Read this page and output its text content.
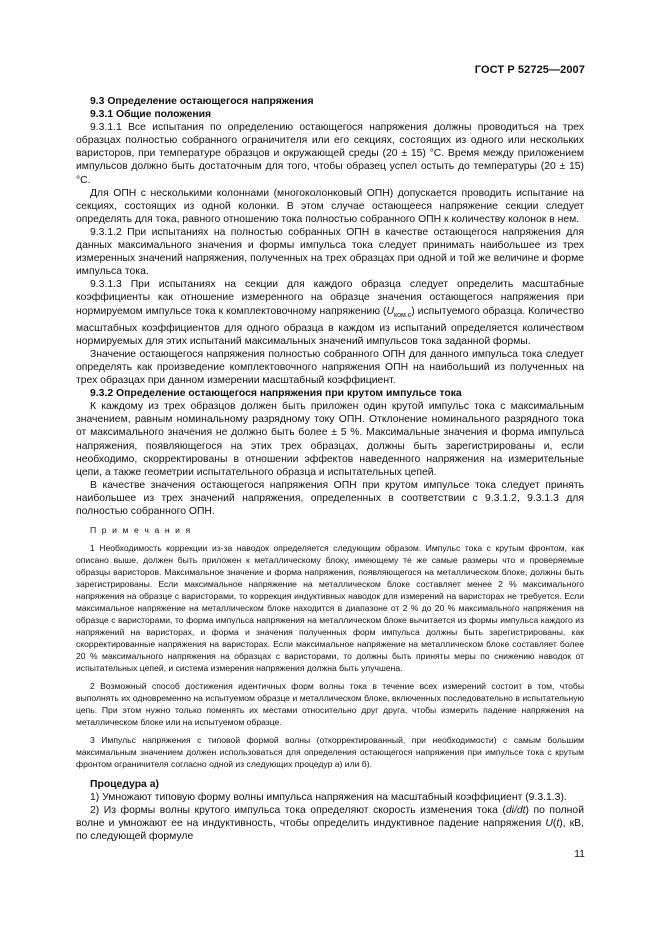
ГОСТ Р 52725—2007

9.3 Определение остающегося напряжения

9.3.1 Общие положения

9.3.1.1 Все испытания по определению остающегося напряжения должны проводиться на трех образцах полностью собранного ограничителя или его секциях, состоящих из одного или нескольких варисторов, при температуре образцов и окружающей среды (20 ± 15) °С. Время между приложением импульсов должно быть достаточным для того, чтобы образец успел остыть до температуры (20 ± 15) °С.

Для ОПН с несколькими колоннами (многоколонковый ОПН) допускается проводить испытание на секциях, состоящих из одной колонки. В этом случае остающееся напряжение секции следует определять для тока, равного отношению тока полностью собранного ОПН к количеству колонок в нем.

9.3.1.2 При испытаниях на полностью собранных ОПН в качестве остающегося напряжения для данных максимального значения и формы импульса тока следует принимать наибольшее из трех измеренных значений напряжения, полученных на трех образцах при одной и той же величине и форме импульса тока.

9.3.1.3 При испытаниях на секции для каждого образца следует определить масштабные коэффициенты как отношение измеренного на образце значения остающегося напряжения при нормируемом импульсе тока к комплектовочному напряжению $(U_{ком.с})$ испытуемого образца. Количество масштабных коэффициентов для одного образца в каждом из испытаний определяется количеством нормируемых для этих испытаний максимальных значений импульсов тока заданной формы.

Значение остающегося напряжения полностью собранного ОПН для данного импульса тока следует определять как произведение комплектовочного напряжения ОПН на наибольший из полученных на трех образцах при данном измерении масштабный коэффициент.

9.3.2 Определение остающегося напряжения при крутом импульсе тока

К каждому из трех образцов должен быть приложен один крутой импульс тока с максимальным значением, равным номинальному разрядному току ОПН. Отклонение номинального разрядного тока от максимального значения не должно быть более ± 5 %. Максимальные значения и форма импульса напряжения, появляющегося на этих трех образцах, должны быть зарегистрированы и, если необходимо, скорректированы в отношении эффектов наведенного напряжения на измерительные цепи, а также геометрии испытательного образца и испытательных цепей.

В качестве значения остающегося напряжения ОПН при крутом импульсе тока следует принять наибольшее из трех значений напряжения, определенных в соответствии с 9.3.1.2, 9.3.1.3 для полностью собранного ОПН.

П р и м е ч а н и я

1 Необходимость коррекции из-за наводок определяется следующим образом. Импульс тока с крутым фронтом, как описано выше, должен быть приложен к металлическому блоку, имеющему те же самые размеры что и проверяемые образцы варисторов. Максимальное значение и форма напряжения, появляющегося на металлическом блоке, должны быть зарегистрированы. Если максимальное напряжение на металлическом блоке составляет менее 2 % максимального напряжения на образце с варисторами, то коррекция индуктивных наводок для измерений на варисторах не требуется. Если максимальное напряжение на металлическом блоке находится в диапазоне от 2 % до 20 % максимального напряжения на образце с варисторами, то форма импульса напряжения на металлическом блоке вычитается из формы импульса каждого из напряжений на варисторах, и форма и значения полученных форм импульса должны быть зарегистрированы, как скорректированные напряжения на варисторах. Если максимальное напряжение на металлическом блоке составляет более 20 % максимального напряжения на образцах с варисторами, то должны быть приняты меры по снижению наводок от испытательных цепей, и система измерения напряжения должна быть улучшена.

2 Возможный способ достижения идентичных форм волны тока в течение всех измерений состоит в том, чтобы выполнять их одновременно на испытуемом образце и металлическом блоке, включенных последовательно в испытательную цепь. При этом нужно только поменять их местами относительно друг друга, чтобы измерить падение напряжения на металлическом блоке или на испытуемом образце.

3 Импульс напряжения с типовой формой волны (откорректированный, при необходимости) с самым большим максимальным значением должен использоваться для определения остающегося напряжения при импульсе тока с крутым фронтом ограничителя согласно одной из следующих процедур а) или б).

Процедура а)

1) Умножают типовую форму волны импульса напряжения на масштабный коэффициент (9.3.1.3).

2) Из формы волны крутого импульса тока определяют скорость изменения тока (di/dt) по полной волне и умножают ее на индуктивность, чтобы определить индуктивное падение напряжения U(t), кВ, по следующей формуле

11
